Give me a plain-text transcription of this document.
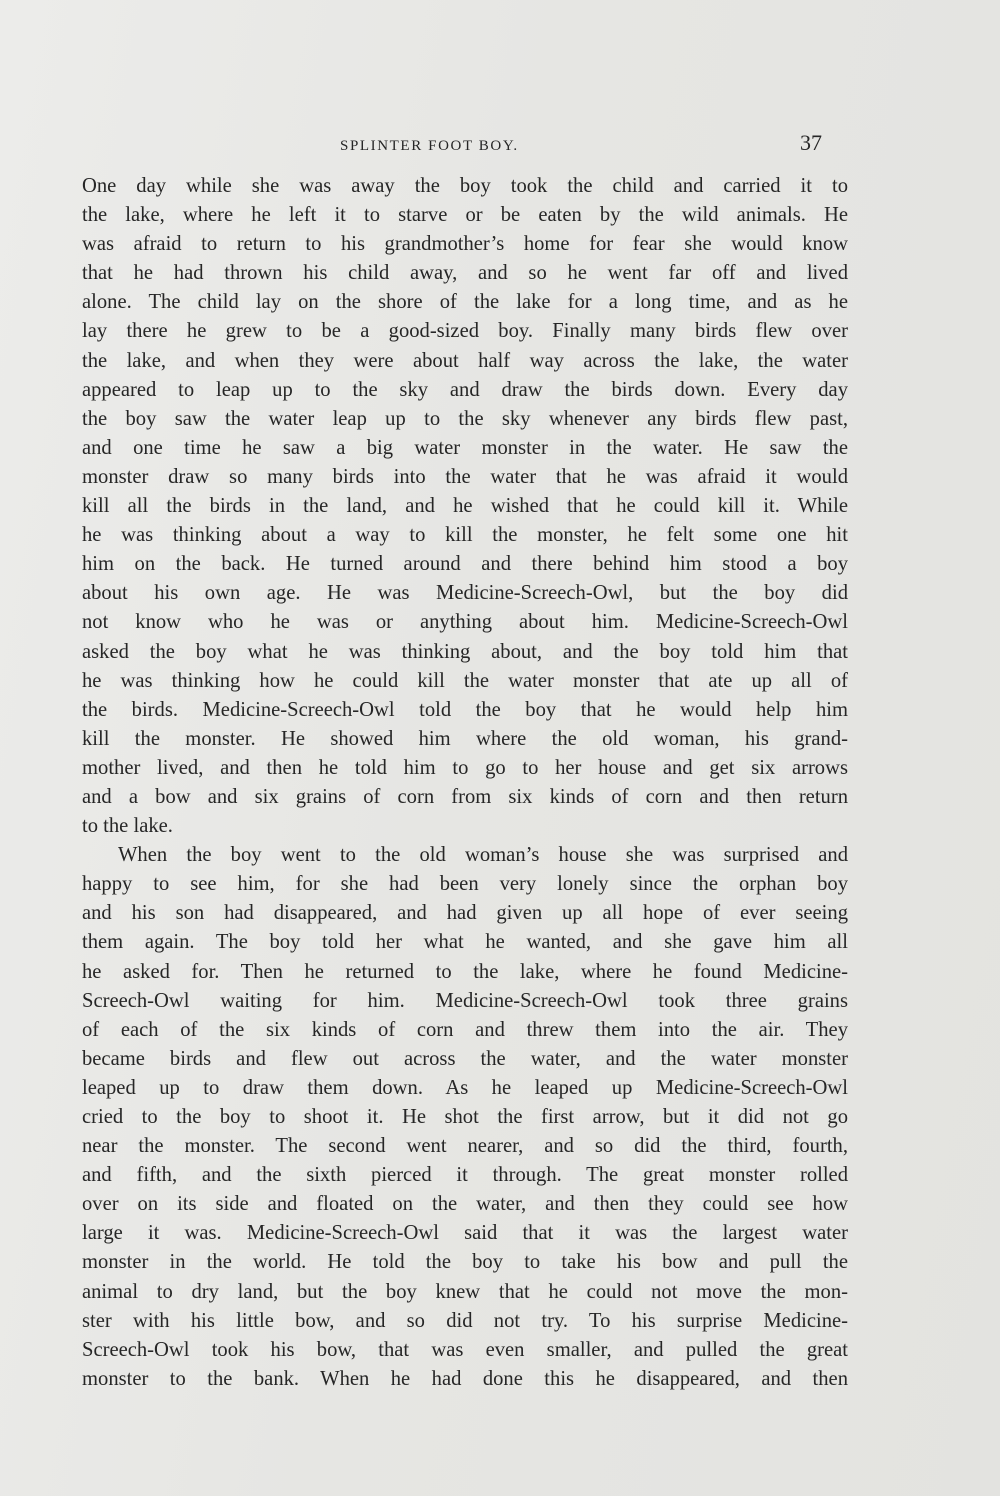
SPLINTER FOOT BOY.	37
One day while she was away the boy took the child and carried it to
the lake, where he left it to starve or be eaten by the wild animals. He
was afraid to return to his grandmother’s home for fear she would know
that he had thrown his child away, and so he went far off and lived
alone. The child lay on the shore of the lake for a long time, and as he
lay there he grew to be a good-sized boy. Finally many birds flew over
the lake, and when they were about half way across the lake, the water
appeared to leap up to the sky and draw the birds down. Every day
the boy saw the water leap up to the sky whenever any birds flew past,
and one time he saw a big water monster in the water. He saw the
monster draw so many birds into the water that he was afraid it would
kill all the birds in the land, and he wished that he could kill it. While
he was thinking about a way to kill the monster, he felt some one hit
him on the back. He turned around and there behind him stood a boy
about his own age. He was Medicine-Screech-Owl, but the boy did
not know who he was or anything about him. Medicine-Screech-Owl
asked the boy what he was thinking about, and the boy told him that
he was thinking how he could kill the water monster that ate up all of
the birds. Medicine-Screech-Owl told the boy that he would help him
kill the monster. He showed him where the old woman, his grand-
mother lived, and then he told him to go to her house and get six arrows
and a bow and six grains of corn from six kinds of corn and then return
to the lake.
When the boy went to the old woman’s house she was surprised and
happy to see him, for she had been very lonely since the orphan boy
and his son had disappeared, and had given up all hope of ever seeing
them again. The boy told her what he wanted, and she gave him all
he asked for. Then he returned to the lake, where he found Medicine-
Screech-Owl waiting for him. Medicine-Screech-Owl took three grains
of each of the six kinds of corn and threw them into the air. They
became birds and flew out across the water, and the water monster
leaped up to draw them down. As he leaped up Medicine-Screech-Owl
cried to the boy to shoot it. He shot the first arrow, but it did not go
near the monster. The second went nearer, and so did the third, fourth,
and fifth, and the sixth pierced it through. The great monster rolled
over on its side and floated on the water, and then they could see how
large it was. Medicine-Screech-Owl said that it was the largest water
monster in the world. He told the boy to take his bow and pull the
animal to dry land, but the boy knew that he could not move the mon-
ster with his little bow, and so did not try. To his surprise Medicine-
Screech-Owl took his bow, that was even smaller, and pulled the great
monster to the bank. When he had done this he disappeared, and then
